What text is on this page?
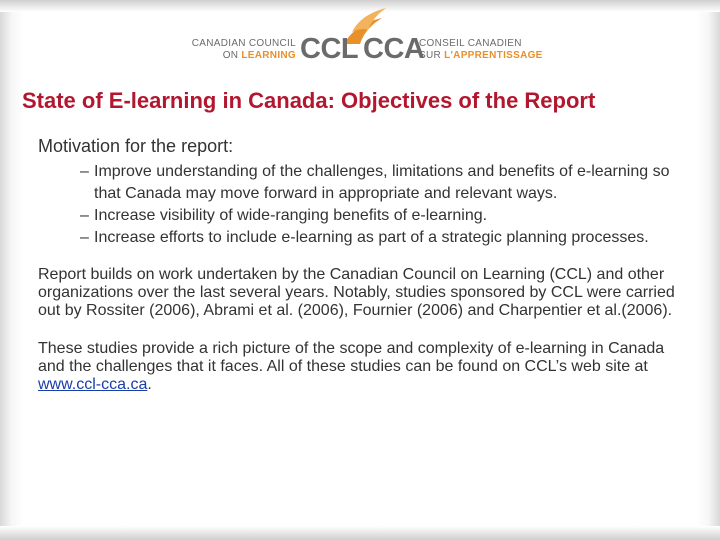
CANADIAN COUNCIL
ON LEARNING CCL CCA
CONSEIL CANADIEN
SUR L'APPRENTISSAGE
State of E-learning in Canada: Objectives of the Report
Motivation for the report:
– Improve understanding of the challenges, limitations and benefits of e-learning so that Canada may move forward in appropriate and relevant ways.
– Increase visibility of wide-ranging benefits of e-learning.
– Increase efforts to include e-learning as part of a strategic planning processes.
Report builds on work undertaken by the Canadian Council on Learning (CCL) and other organizations over the last several years. Notably, studies sponsored by CCL were carried out by Rossiter (2006), Abrami et al. (2006), Fournier (2006) and Charpentier et al.(2006).
These studies provide a rich picture of the scope and complexity of e-learning in Canada and the challenges that it faces. All of these studies can be found on CCL’s web site at www.ccl-cca.ca.
